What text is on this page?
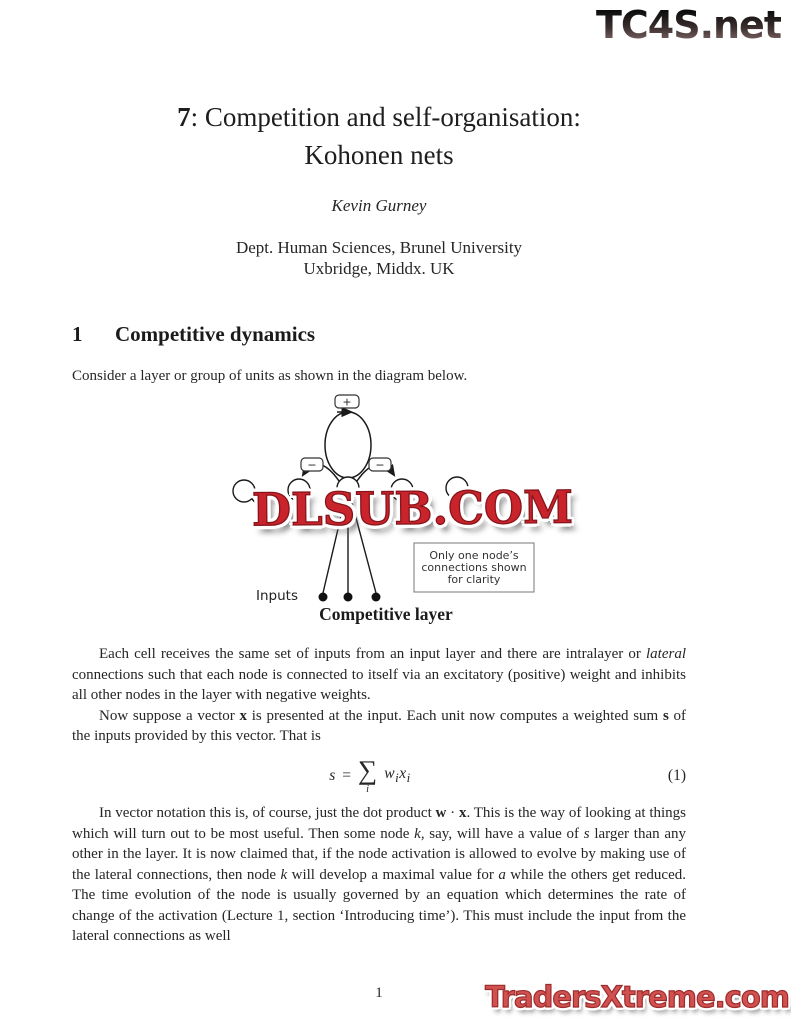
TC4S.net
7: Competition and self-organisation:
Kohonen nets
Kevin Gurney
Dept. Human Sciences, Brunel University
Uxbridge, Middx. UK
1 Competitive dynamics
Consider a layer or group of units as shown in the diagram below.
+
−	−
Inputs
Only one node’s
connections shown
for clarity
DLSUB.COM
Competitive layer

Each cell receives the same set of inputs from an input layer and there are intralayer or lateral connections such that each node is connected to itself via an excitatory (positive) weight and inhibits all other nodes in the layer with negative weights.

Now suppose a vector x is presented at the input. Each unit now computes a weighted sum s of the inputs provided by this vector. That is

s = ∑
i
$w_ix_i$	(1)

In vector notation this is, of course, just the dot product w · x. This is the way of looking at things which will turn out to be most useful. Then some node k, say, will have a value of s larger than any other in the layer. It is now claimed that, if the node activation is allowed to evolve by making use of the lateral connections, then node k will develop a maximal value for a while the others get reduced. The time evolution of the node is usually governed by an equation which determines the rate of change of the activation (Lecture 1, section ‘Introducing time’). This must include the input from the lateral connections as well

1	TradersXtreme.com
